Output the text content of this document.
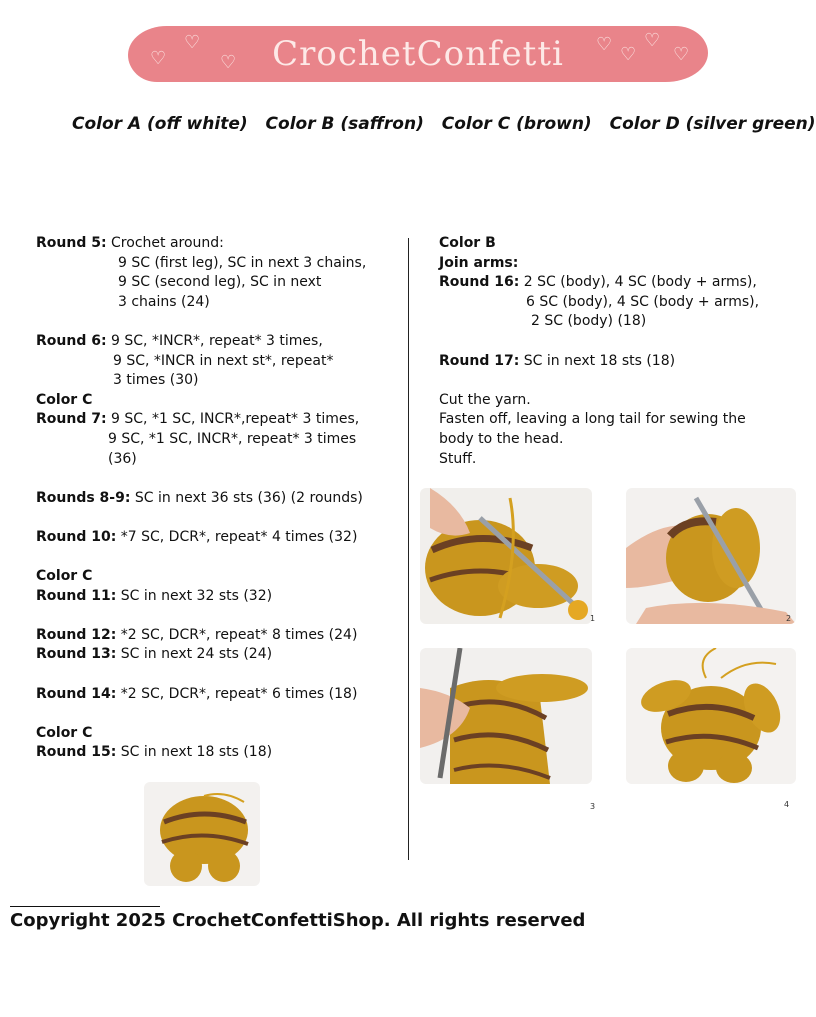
♡
♡
♡	CrochetConfetti	♡ ♡
♡
♡
Color A (off white) Color B (saffron) Color C (brown) Color D (silver green)
Round 5: Crochet around:
9 SC (first leg), SC in next 3 chains,
9 SC (second leg), SC in next
3 chains (24)
Round 6: 9 SC, *INCR*, repeat* 3 times,
9 SC, *INCR in next st*, repeat*
3 times (30)
Color C
Round 7: 9 SC, *1 SC, INCR*,repeat* 3 times,
9 SC, *1 SC, INCR*, repeat* 3 times
(36)
Rounds 8-9: SC in next 36 sts (36) (2 rounds)
Round 10: *7 SC, DCR*, repeat* 4 times (32)
Color C
Round 11: SC in next 32 sts (32)
Round 12: *2 SC, DCR*, repeat* 8 times (24)
Round 13: SC in next 24 sts (24)
Round 14: *2 SC, DCR*, repeat* 6 times (18)
Color C
Round 15: SC in next 18 sts (18)
Color B
Join arms:
Round 16: 2 SC (body), 4 SC (body + arms),
6 SC (body), 4 SC (body + arms),
2 SC (body) (18)
Round 17: SC in next 18 sts (18)
Cut the yarn.
Fasten off, leaving a long tail for sewing the
body to the head.
Stuff.
1	2
3	4
Copyright 2025 CrochetConfettiShop. All rights reserved
